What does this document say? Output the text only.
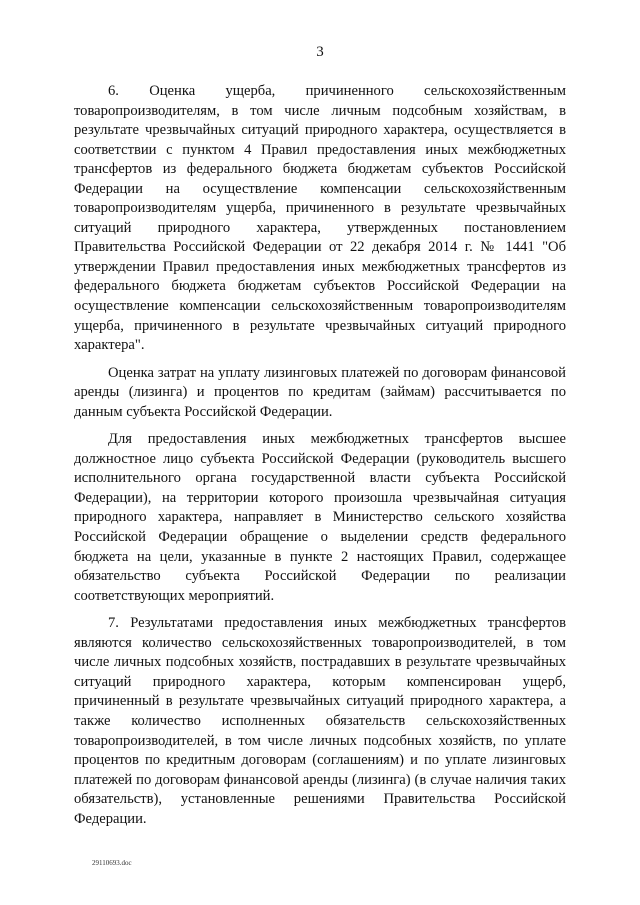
3

6. Оценка ущерба, причиненного сельскохозяйственным товаропроизводителям, в том числе личным подсобным хозяйствам, в результате чрезвычайных ситуаций природного характера, осуществляется в соответствии с пунктом 4 Правил предоставления иных межбюджетных трансфертов из федерального бюджета бюджетам субъектов Российской Федерации на осуществление компенсации сельскохозяйственным товаропроизводителям ущерба, причиненного в результате чрезвычайных ситуаций природного характера, утвержденных постановлением Правительства Российской Федерации от 22 декабря 2014 г. № 1441 "Об утверждении Правил предоставления иных межбюджетных трансфертов из федерального бюджета бюджетам субъектов Российской Федерации на осуществление компенсации сельскохозяйственным товаропроизводителям ущерба, причиненного в результате чрезвычайных ситуаций природного характера".

Оценка затрат на уплату лизинговых платежей по договорам финансовой аренды (лизинга) и процентов по кредитам (займам) рассчитывается по данным субъекта Российской Федерации.

Для предоставления иных межбюджетных трансфертов высшее должностное лицо субъекта Российской Федерации (руководитель высшего исполнительного органа государственной власти субъекта Российской Федерации), на территории которого произошла чрезвычайная ситуация природного характера, направляет в Министерство сельского хозяйства Российской Федерации обращение о выделении средств федерального бюджета на цели, указанные в пункте 2 настоящих Правил, содержащее обязательство субъекта Российской Федерации по реализации соответствующих мероприятий.

7. Результатами предоставления иных межбюджетных трансфертов являются количество сельскохозяйственных товаропроизводителей, в том числе личных подсобных хозяйств, пострадавших в результате чрезвычайных ситуаций природного характера, которым компенсирован ущерб, причиненный в результате чрезвычайных ситуаций природного характера, а также количество исполненных обязательств сельскохозяйственных товаропроизводителей, в том числе личных подсобных хозяйств, по уплате процентов по кредитным договорам (соглашениям) и по уплате лизинговых платежей по договорам финансовой аренды (лизинга) (в случае наличия таких обязательств), установленные решениями Правительства Российской Федерации.

29110693.doc
